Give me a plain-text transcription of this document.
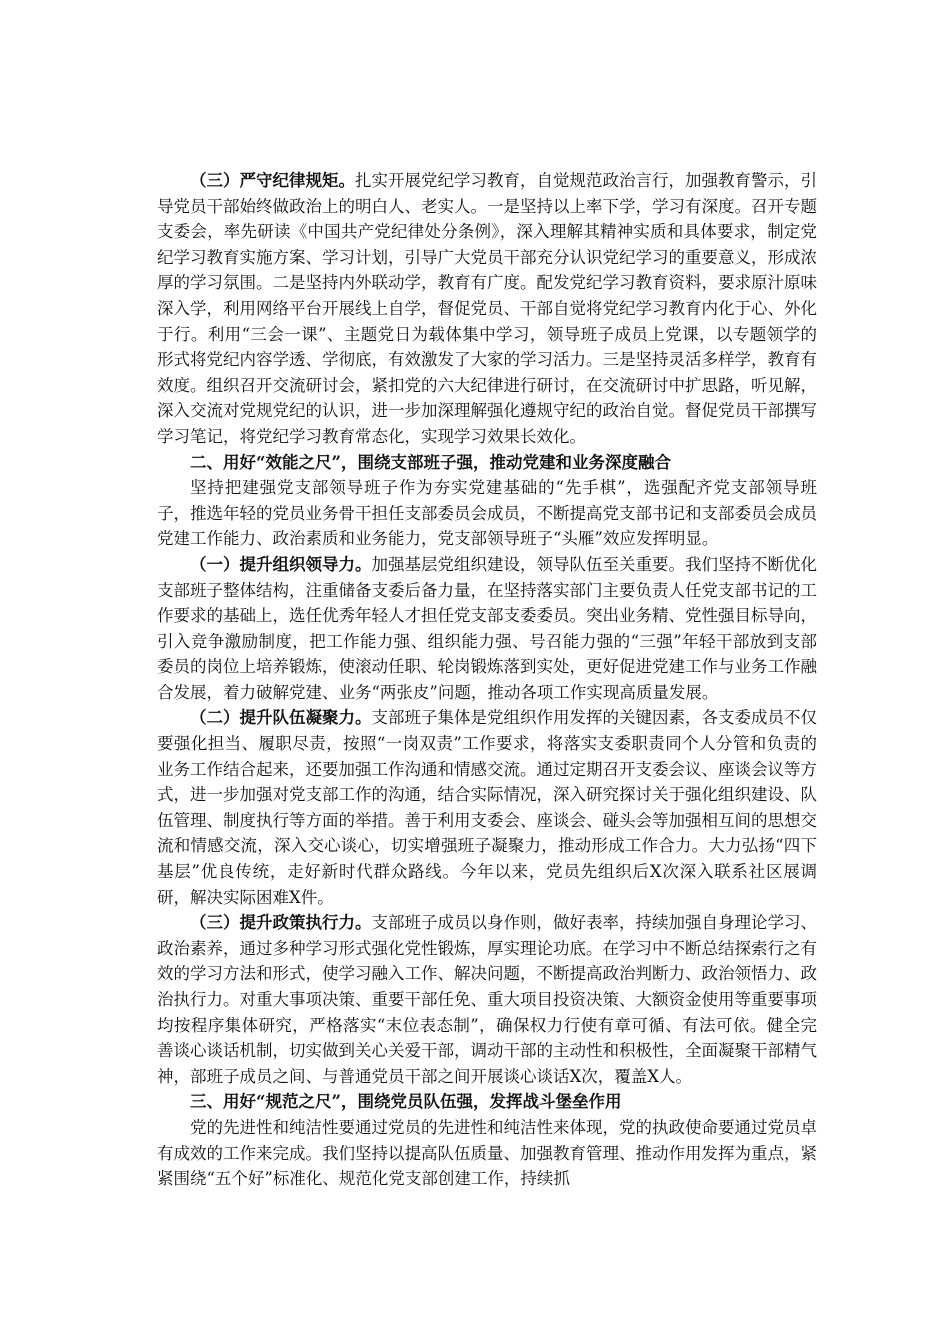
（三）严守纪律规矩。扎实开展党纪学习教育，自觉规范政治言行，加强教育警示，引导党员干部始终做政治上的明白人、老实人。一是坚持以上率下学，学习有深度。召开专题支委会，率先研读《中国共产党纪律处分条例》，深入理解其精神实质和具体要求，制定党纪学习教育实施方案、学习计划，引导广大党员干部充分认识党纪学习的重要意义，形成浓厚的学习氛围。二是坚持内外联动学，教育有广度。配发党纪学习教育资料，要求原汁原味深入学，利用网络平台开展线上自学，督促党员、干部自觉将党纪学习教育内化于心、外化于行。利用“三会一课”、主题党日为载体集中学习，领导班子成员上党课，以专题领学的形式将党纪内容学透、学彻底，有效激发了大家的学习活力。三是坚持灵活多样学，教育有效度。组织召开交流研讨会，紧扣党的六大纪律进行研讨，在交流研讨中扩思路，听见解，深入交流对党规党纪的认识，进一步加深理解强化遵规守纪的政治自觉。督促党员干部撰写学习笔记，将党纪学习教育常态化，实现学习效果长效化。

二、用好“效能之尺”，围绕支部班子强，推动党建和业务深度融合

坚持把建强党支部领导班子作为夯实党建基础的“先手棋”，选强配齐党支部领导班子，推选年轻的党员业务骨干担任支部委员会成员，不断提高党支部书记和支部委员会成员党建工作能力、政治素质和业务能力，党支部领导班子“头雁”效应发挥明显。

（一）提升组织领导力。加强基层党组织建设，领导队伍至关重要。我们坚持不断优化支部班子整体结构，注重储备支委后备力量，在坚持落实部门主要负责人任党支部书记的工作要求的基础上，选任优秀年轻人才担任党支部支委委员。突出业务精、党性强目标导向，引入竞争激励制度，把工作能力强、组织能力强、号召能力强的“三强”年轻干部放到支部委员的岗位上培养锻炼，使滚动任职、轮岗锻炼落到实处，更好促进党建工作与业务工作融合发展，着力破解党建、业务“两张皮”问题，推动各项工作实现高质量发展。

（二）提升队伍凝聚力。支部班子集体是党组织作用发挥的关键因素，各支委成员不仅要强化担当、履职尽责，按照“一岗双责”工作要求，将落实支委职责同个人分管和负责的业务工作结合起来，还要加强工作沟通和情感交流。通过定期召开支委会议、座谈会议等方式，进一步加强对党支部工作的沟通，结合实际情况，深入研究探讨关于强化组织建设、队伍管理、制度执行等方面的举措。善于利用支委会、座谈会、碰头会等加强相互间的思想交流和情感交流，深入交心谈心，切实增强班子凝聚力，推动形成工作合力。大力弘扬“四下基层”优良传统，走好新时代群众路线。今年以来，党员先组织后X次深入联系社区展调研，解决实际困难X件。

（三）提升政策执行力。支部班子成员以身作则，做好表率，持续加强自身理论学习、政治素养，通过多种学习形式强化党性锻炼，厚实理论功底。在学习中不断总结探索行之有效的学习方法和形式，使学习融入工作、解决问题，不断提高政治判断力、政治领悟力、政治执行力。对重大事项决策、重要干部任免、重大项目投资决策、大额资金使用等重要事项均按程序集体研究，严格落实“末位表态制”，确保权力行使有章可循、有法可依。健全完善谈心谈话机制，切实做到关心关爱干部，调动干部的主动性和积极性，全面凝聚干部精气神，部班子成员之间、与普通党员干部之间开展谈心谈话X次，覆盖X人。

三、用好“规范之尺”，围绕党员队伍强，发挥战斗堡垒作用

党的先进性和纯洁性要通过党员的先进性和纯洁性来体现，党的执政使命要通过党员卓有成效的工作来完成。我们坚持以提高队伍质量、加强教育管理、推动作用发挥为重点，紧紧围绕“五个好”标准化、规范化党支部创建工作，持续抓
